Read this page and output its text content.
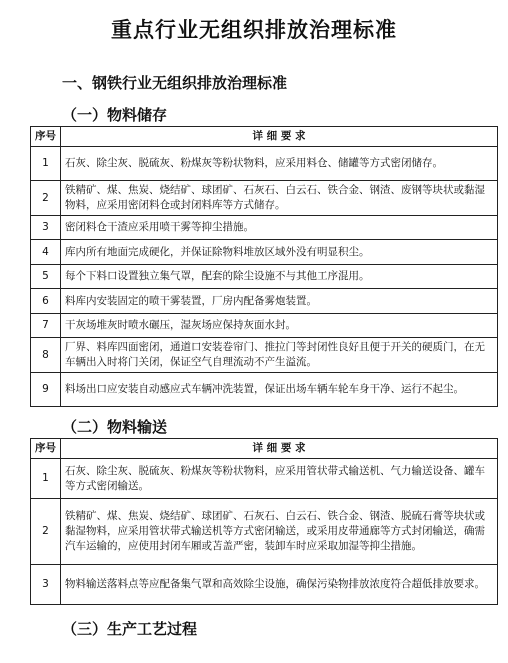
重点行业无组织排放治理标准
一、钢铁行业无组织排放治理标准
（一）物料储存
序号	详 细 要 求
1	石灰、除尘灰、脱硫灰、粉煤灰等粉状物料，应采用料仓、储罐等方式密闭储存。
2	铁精矿、煤、焦炭、烧结矿、球团矿、石灰石、白云石、铁合金、钢渣、废钢等块状或黏湿物料，应采用密闭料仓或封闭料库等方式储存。
3	密闭料仓干渣应采用喷干雾等抑尘措施。
4	库内所有地面完成硬化，并保证除物料堆放区域外没有明显积尘。
5	每个下料口设置独立集气罩，配套的除尘设施不与其他工序混用。
6	料库内安装固定的喷干雾装置，厂房内配备雾炮装置。
7	干灰场堆灰时喷水碾压，湿灰场应保持灰面水封。
8	厂界、料库四面密闭，通道口安装卷帘门、推拉门等封闭性良好且便于开关的硬质门，在无车辆出入时将门关闭，保证空气自理流动不产生溢流。
9	料场出口应安装自动感应式车辆冲洗装置，保证出场车辆车轮车身干净、运行不起尘。
（二）物料输送
序号	详 细 要 求
1	石灰、除尘灰、脱硫灰、粉煤灰等粉状物料，应采用管状带式输送机、气力输送设备、罐车等方式密闭输送。
2	铁精矿、煤、焦炭、烧结矿、球团矿、石灰石、白云石、铁合金、钢渣、脱硫石膏等块状或黏湿物料，应采用管状带式输送机等方式密闭输送，或采用皮带通廊等方式封闭输送，确需汽车运输的，应使用封闭车厢或苫盖严密，装卸车时应采取加湿等抑尘措施。
3	物料输送落料点等应配备集气罩和高效除尘设施，确保污染物排放浓度符合超低排放要求。
（三）生产工艺过程
